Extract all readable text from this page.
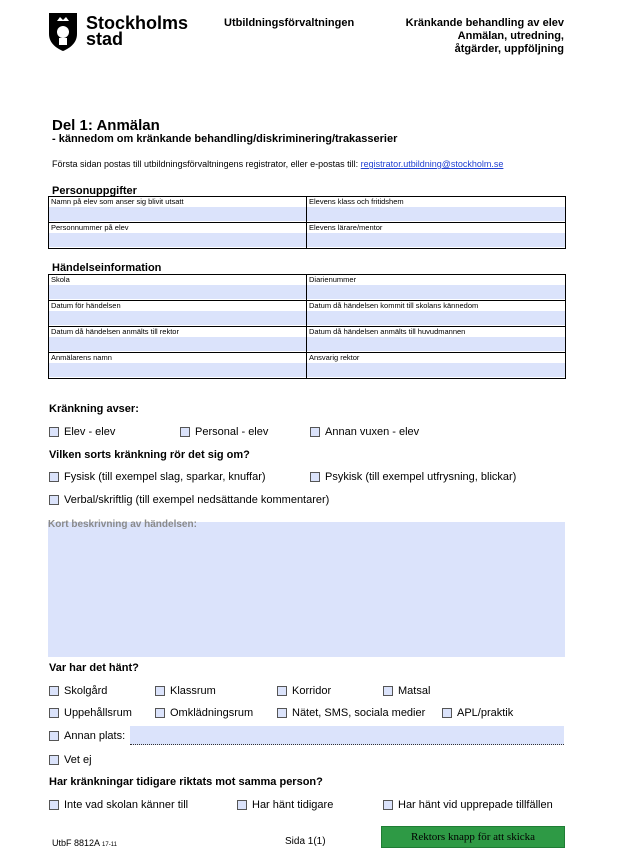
Stockholms
stad
Utbildningsförvaltningen	Kränkande behandling av elev
Anmälan, utredning,
åtgärder, uppföljning
Del 1: Anmälan
- kännedom om kränkande behandling/diskriminering/trakasserier
Första sidan postas till utbildningsförvaltningens registrator, eller e-postas till: registrator.utbildning@stockholm.se
Personuppgifter
Namn på elev som anser sig blivit utsatt	Elevens klass och fritidshem

Personnummer på elev	Elevens lärare/mentor
Händelseinformation
Skola	Diarienummer

Datum för händelsen	Datum då händelsen kommit till skolans kännedom

Datum då händelsen anmälts till rektor	Datum då händelsen anmälts till huvudmannen

Anmälarens namn	Ansvarig rektor
Kränkning avser:
Elev - elev	Personal - elev	Annan vuxen - elev
Vilken sorts kränkning rör det sig om?
Fysisk (till exempel slag, sparkar, knuffar)	Psykisk (till exempel utfrysning, blickar)
Verbal/skriftlig (till exempel nedsättande kommentarer)
Kort beskrivning av händelsen:
Var har det hänt?
Skolgård	Klassrum	Korridor	Matsal
Uppehållsrum	Omklädningsrum	Nätet, SMS, sociala medier	APL/praktik
Annan plats:
Vet ej
Har kränkningar tidigare riktats mot samma person?
Inte vad skolan känner till	Har hänt tidigare	Har hänt vid upprepade tillfällen
UtbF 8812A 17-11	Sida 1(1)	Rektors knapp för att skicka
